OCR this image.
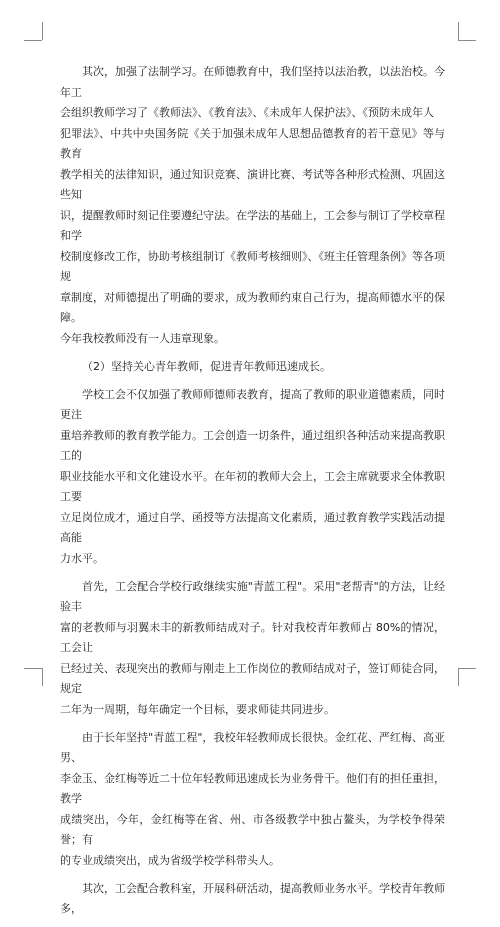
其次，加强了法制学习。在师德教育中，我们坚持以法治教，以法治校。今年工
会组织教师学习了《教师法》、《教育法》、《未成年人保护法》、《预防未成年人
犯罪法》、中共中央国务院《关于加强未成年人思想品德教育的若干意见》等与教育
教学相关的法律知识，通过知识竞赛、演讲比赛、考试等各种形式检测、巩固这些知
识，提醒教师时刻记住要遵纪守法。在学法的基础上，工会参与制订了学校章程和学
校制度修改工作，协助考核组制订《教师考核细则》、《班主任管理条例》等各项规
章制度，对师德提出了明确的要求，成为教师约束自己行为，提高师德水平的保障。
今年我校教师没有一人违章现象。

（2）坚持关心青年教师，促进青年教师迅速成长。

学校工会不仅加强了教师师德师表教育，提高了教师的职业道德素质，同时更注
重培养教师的教育教学能力。工会创造一切条件，通过组织各种活动来提高教职工的
职业技能水平和文化建设水平。在年初的教师大会上，工会主席就要求全体教职工要
立足岗位成才，通过自学、函授等方法提高文化素质，通过教育教学实践活动提高能
力水平。

首先，工会配合学校行政继续实施"青蓝工程"。采用"老帮青"的方法，让经验丰
富的老教师与羽翼未丰的新教师结成对子。针对我校青年教师占 80%的情况，工会让
已经过关、表现突出的教师与刚走上工作岗位的教师结成对子，签订师徒合同，规定
二年为一周期，每年确定一个目标，要求师徒共同进步。

由于长年坚持"青蓝工程"，我校年轻教师成长很快。金红花、严红梅、高亚男、
李金玉、金红梅等近二十位年轻教师迅速成长为业务骨干。他们有的担任重担，教学
成绩突出，今年，金红梅等在省、州、市各级教学中独占鳌头，为学校争得荣誉；有
的专业成绩突出，成为省级学校学科带头人。

其次，工会配合教科室，开展科研活动，提高教师业务水平。学校青年教师多，
